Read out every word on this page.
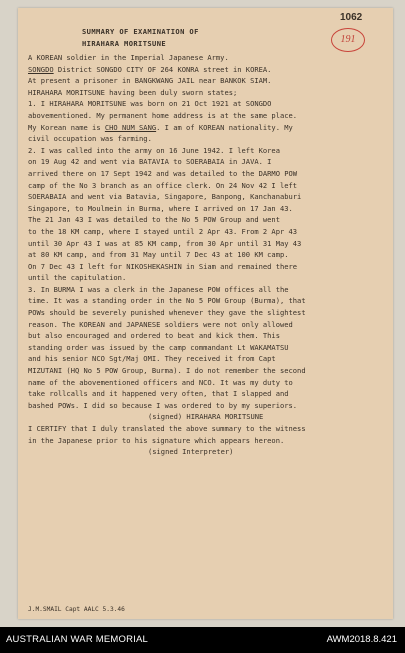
1062
191
SUMMARY OF EXAMINATION OF
HIRAHARA MORITSUNE
A KOREAN soldier in the Imperial Japanese Army.
SONGDO District SONGDO CITY OF 264 KONRA street in KOREA.
At present a prisoner in BANGKWANG JAIL near BANKOK SIAM.
HIRAHARA MORITSUNE having been duly sworn states;
1. I HIRAHARA MORITSUNE was born on 21 Oct 1921 at SONGDO
abovementioned. My permanent home address is at the same place.
My Korean name is CHO NUM SANG. I am of KOREAN nationality. My
civil occupation was farming.
2. I was called into the army on 16 June 1942. I left Korea
on 19 Aug 42 and went via BATAVIA to SOERABAIA in JAVA. I
arrived there on 17 Sept 1942 and was detailed to the DARMO POW
camp of the No 3 branch as an office clerk. On 24 Nov 42 I left
SOERABAIA and went via Batavia, Singapore, Banpong, Kanchanaburi
Singapore, to Moulmein in Burma, where I arrived on 17 Jan 43.
The 21 Jan 43 I was detailed to the No 5 POW Group and went
to the 18 KM camp, where I stayed until 2 Apr 43. From 2 Apr 43
until 30 Apr 43 I was at 85 KM camp, from 30 Apr until 31 May 43
at 80 KM camp, and from 31 May until 7 Dec 43 at 100 KM camp.
On 7 Dec 43 I left for NIKOSHEKASHIN in Siam and remained there
until the capitulation.
3. In BURMA I was a clerk in the Japanese POW offices all the
time. It was a standing order in the No 5 POW Group (Burma), that
POWs should be severely punished whenever they gave the slightest
reason. The KOREAN and JAPANESE soldiers were not only allowed
but also encouraged and ordered to beat and kick them. This
standing order was issued by the camp commandant Lt WAKAMATSU
and his senior NCO Sgt/Maj OMI. They received it from Capt
MIZUTANI (HQ No 5 POW Group, Burma). I do not remember the second
name of the abovementioned officers and NCO. It was my duty to
take rollcalls and it happened very often, that I slapped and
bashed POWs. I did so because I was ordered to by my superiors.
(signed) HIRAHARA MORITSUNE
I CERTIFY that I duly translated the above summary to the witness
in the Japanese prior to his signature which appears hereon.
(signed Interpreter)
J.M.SMAIL Capt AALC 5.3.46
AUSTRALIAN WAR MEMORIAL	AWM2018.8.421
